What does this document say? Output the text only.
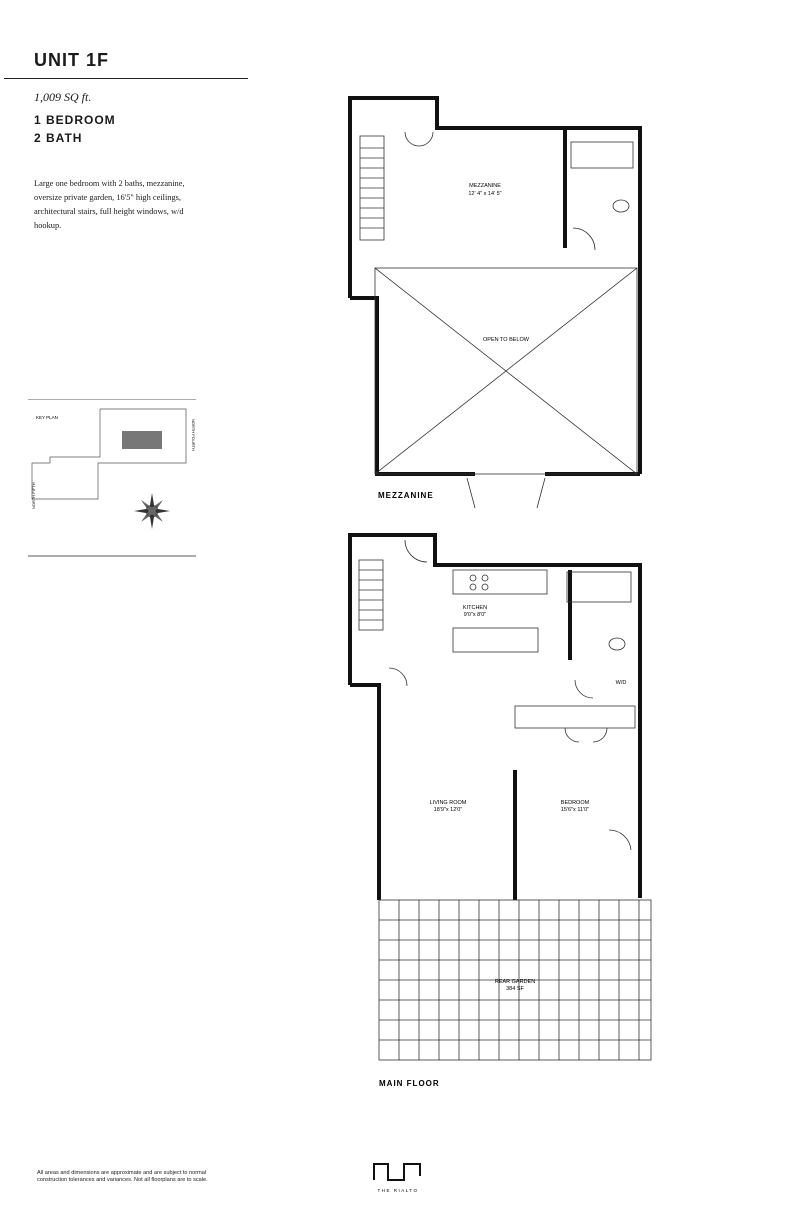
UNIT 1F
1,009 SQ ft.
1 BEDROOM
2 BATH
Large one bedroom with 2 baths, mezzanine, oversize private garden, 16'5" high ceilings, architectural stairs, full height windows, w/d hookup.
KEY PLAN
NORTH FOURTH
NORTH FIFTH
MEZZANINE
12' 4" x 14' 5"
OPEN TO BELOW
MEZZANINE
KITCHEN
9'0"x 8'0"
W/D
LIVING ROOM
18'9"x 12'0"
BEDROOM
15'6"x 11'0"
REAR GARDEN
384 SF
MAIN FLOOR
All areas and dimensions are approximate and are subject to normal construction tolerances and variances. Not all floorplans are to scale.
THE RIALTO
